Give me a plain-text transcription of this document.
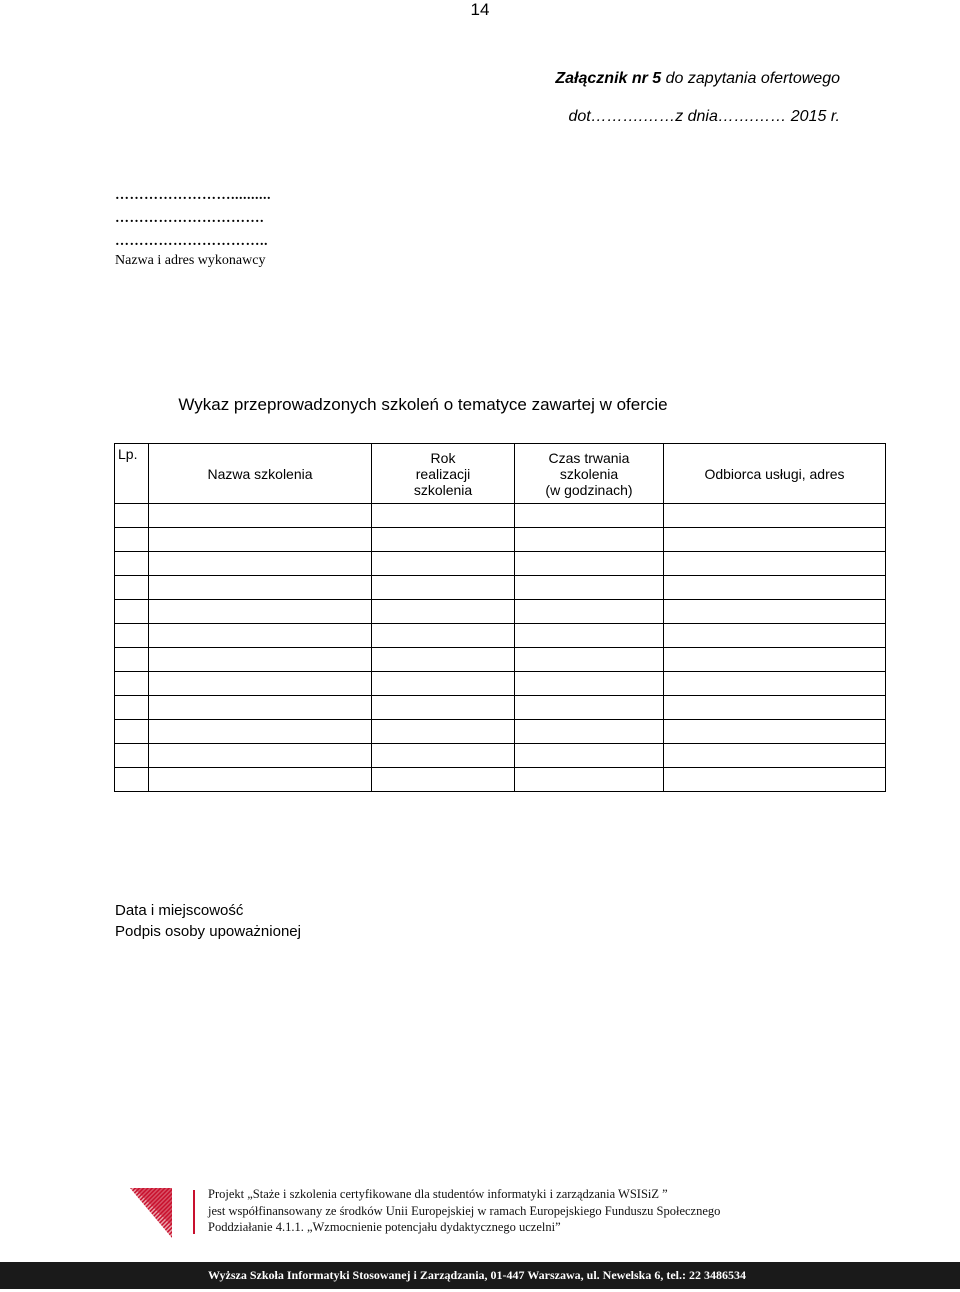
14
Załącznik nr 5 do zapytania ofertowego
dot……….……z dnia…….…… 2015 r.
……………………..........
………………………….
…………………………..
Nazwa i adres wykonawcy
Wykaz przeprowadzonych szkoleń o tematyce zawartej w ofercie
Lp.	Nazwa szkolenia	Rok
realizacji
szkolenia	Czas trwania
szkolenia
(w godzinach)	Odbiorca usługi, adres

Data i miejscowość
Podpis osoby upoważnionej
Projekt „Staże i szkolenia certyfikowane dla studentów informatyki i zarządzania WSISiZ ”
jest współfinansowany ze środków Unii Europejskiej w ramach Europejskiego Funduszu Społecznego
Poddziałanie 4.1.1. „Wzmocnienie potencjału dydaktycznego uczelni”
Wyższa Szkoła Informatyki Stosowanej i Zarządzania, 01-447 Warszawa, ul. Newelska 6, tel.: 22 3486534
